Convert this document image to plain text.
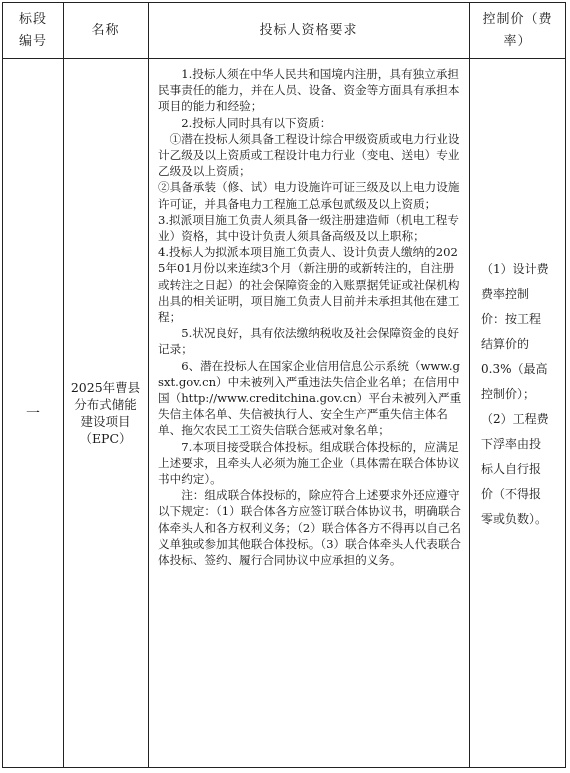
标段
编号
名称	投标人资格要求
控制价（费
率）
一
2025年曹县分布式储能建设项目（EPC）

　　1.投标人须在中华人民共和国境内注册，具有独立承担民事责任的能力，并在人员、设备、资金等方面具有承担本项目的能力和经验；

　　2.投标人同时具有以下资质：

　①潜在投标人须具备工程设计综合甲级资质或电力行业设计乙级及以上资质或工程设计电力行业（变电、送电）专业乙级及以上资质；

②具备承装（修、试）电力设施许可证三级及以上电力设施许可证，并具备电力工程施工总承包贰级及以上资质；

3.拟派项目施工负责人须具备一级注册建造师（机电工程专业）资格，其中设计负责人须具备高级及以上职称；

4.投标人为拟派本项目施工负责人、设计负责人缴纳的2025年01月份以来连续3个月（新注册的或新转注的，自注册或转注之日起）的社会保障资金的入账票据凭证或社保机构出具的相关证明，项目施工负责人目前并未承担其他在建工程；

　　5.状况良好，具有依法缴纳税收及社会保障资金的良好记录；

　　6、潜在投标人在国家企业信用信息公示系统（www.gsxt.gov.cn）中未被列入严重违法失信企业名单；在信用中国（http://www.creditchina.gov.cn）平台未被列入严重失信主体名单、失信被执行人、安全生产严重失信主体名单、拖欠农民工工资失信联合惩戒对象名单；

　　7.本项目接受联合体投标。组成联合体投标的，应满足上述要求，且牵头人必须为施工企业（具体需在联合体协议书中约定）。

　　注：组成联合体投标的，除应符合上述要求外还应遵守以下规定：（1）联合体各方应签订联合体协议书，明确联合体牵头人和各方权利义务；（2）联合体各方不得再以自己名义单独或参加其他联合体投标。（3）联合体牵头人代表联合体投标、签约、履行合同协议中应承担的义务。

（1）设计费费率控制价：按工程结算价的0.3%（最高控制价）；

（2）工程费下浮率由投标人自行报价（不得报零或负数）。
